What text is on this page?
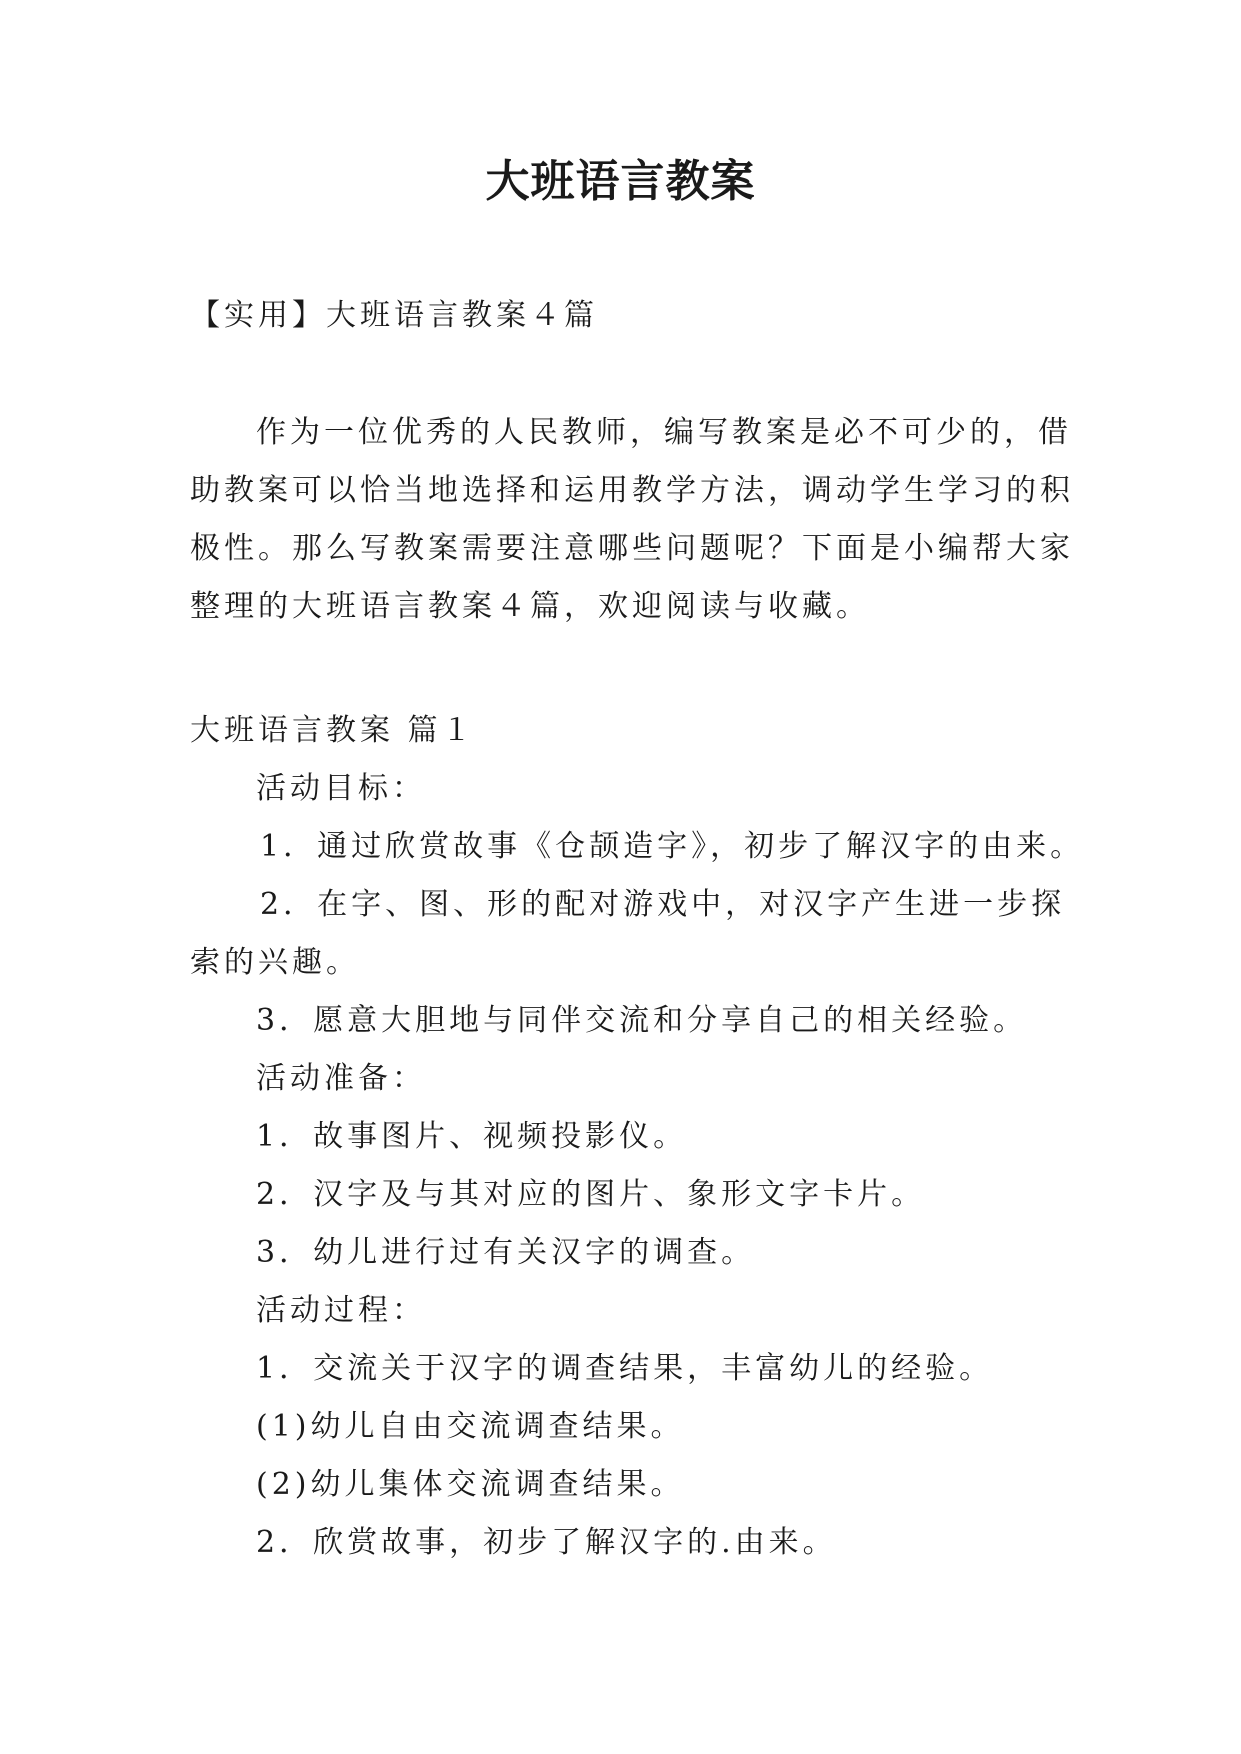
大班语言教案
【实用】大班语言教案４篇
作为一位优秀的人民教师，编写教案是必不可少的，借
助教案可以恰当地选择和运用教学方法，调动学生学习的积
极性。那么写教案需要注意哪些问题呢？下面是小编帮大家
整理的大班语言教案４篇，欢迎阅读与收藏。
大班语言教案 篇１
活动目标：
1．通过欣赏故事《仓颉造字》，初步了解汉字的由来。
2．在字、图、形的配对游戏中，对汉字产生进一步探
索的兴趣。
3．愿意大胆地与同伴交流和分享自己的相关经验。
活动准备：
1．故事图片、视频投影仪。
2．汉字及与其对应的图片、象形文字卡片。
3．幼儿进行过有关汉字的调查。
活动过程：
1．交流关于汉字的调查结果，丰富幼儿的经验。
(1)幼儿自由交流调查结果。
(2)幼儿集体交流调查结果。
2．欣赏故事，初步了解汉字的.由来。
